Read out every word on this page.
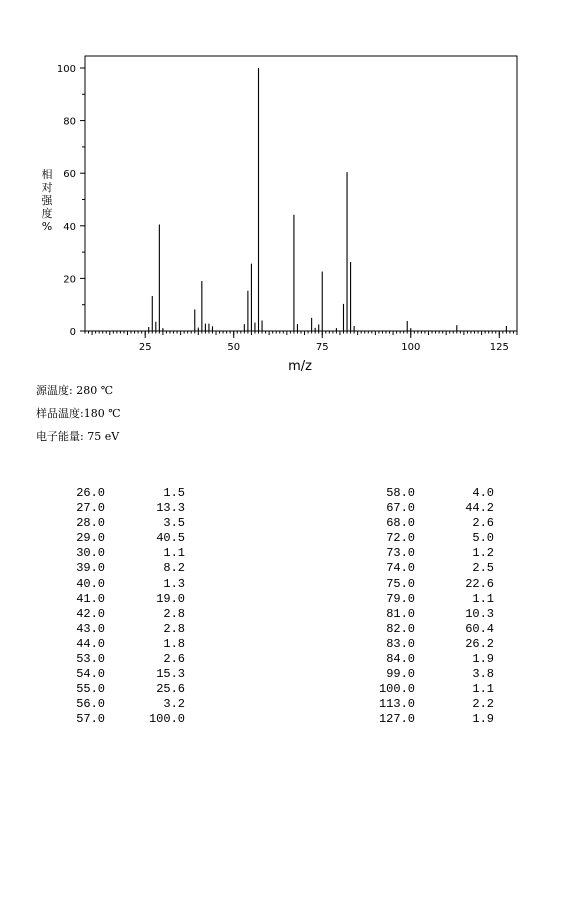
0
20
40
60
80
100
25	50	75	100	125
相
对
强
度
%
m/z
源温度: 280 ℃
样品温度:180 ℃
电子能量: 75 eV
26.0	1.5
27.0	13.3
28.0	3.5
29.0	40.5
30.0	1.1
39.0	8.2
40.0	1.3
41.0	19.0
42.0	2.8
43.0	2.8
44.0	1.8
53.0	2.6
54.0	15.3
55.0	25.6
56.0	3.2
57.0	100.0
58.0	4.0
67.0	44.2
68.0	2.6
72.0	5.0
73.0	1.2
74.0	2.5
75.0	22.6
79.0	1.1
81.0	10.3
82.0	60.4
83.0	26.2
84.0	1.9
99.0	3.8
100.0	1.1
113.0	2.2
127.0	1.9
